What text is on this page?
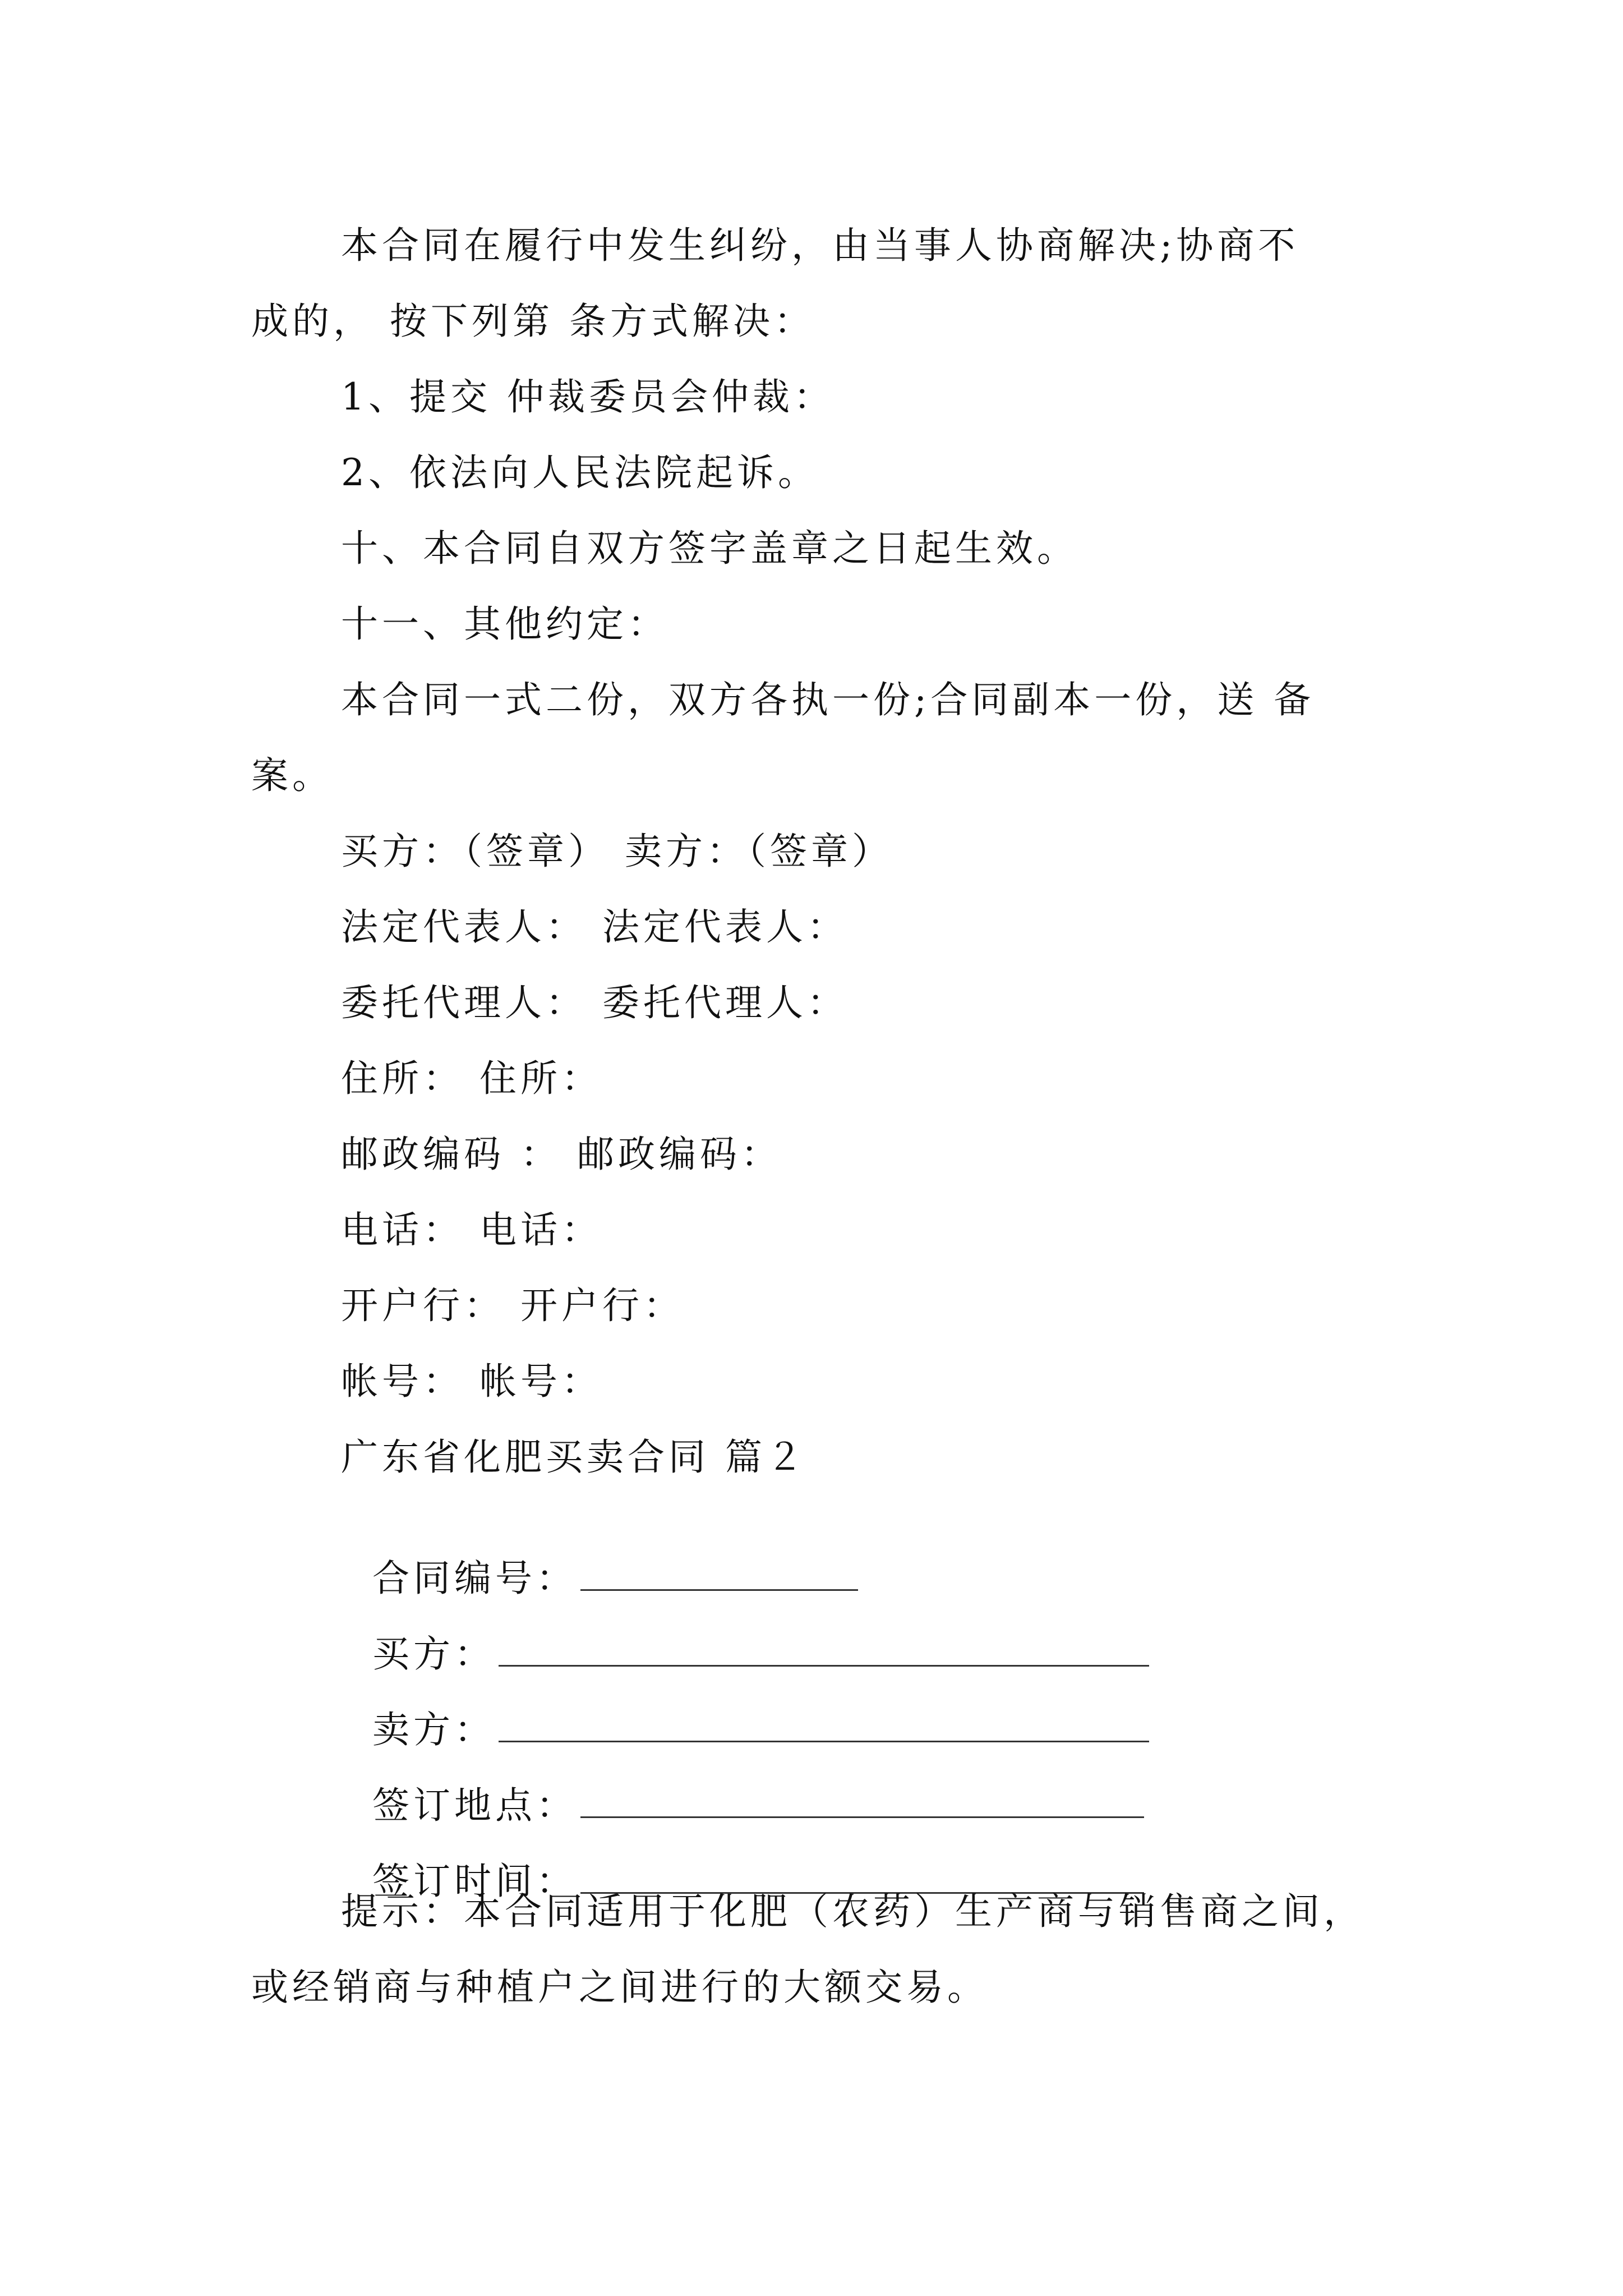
本合同在履行中发生纠纷，由当事人协商解决;协商不
成的， 按下列第 条方式解决：
1、提交 仲裁委员会仲裁：
2、依法向人民法院起诉。
十、本合同自双方签字盖章之日起生效。
十一、其他约定：
本合同一式二份，双方各执一份;合同副本一份，送 备
案。
买方：（签章） 卖方：（签章）
法定代表人： 法定代表人：
委托代理人： 委托代理人：
住所： 住所：
邮政编码 ： 邮政编码：
电话： 电话：
开户行： 开户行：
帐号： 帐号：
广东省化肥买卖合同 篇２

合同编号：

买方：

卖方：

签订地点：

签订时间：

提示：本合同适用于化肥（农药）生产商与销售商之间，
或经销商与种植户之间进行的大额交易。
